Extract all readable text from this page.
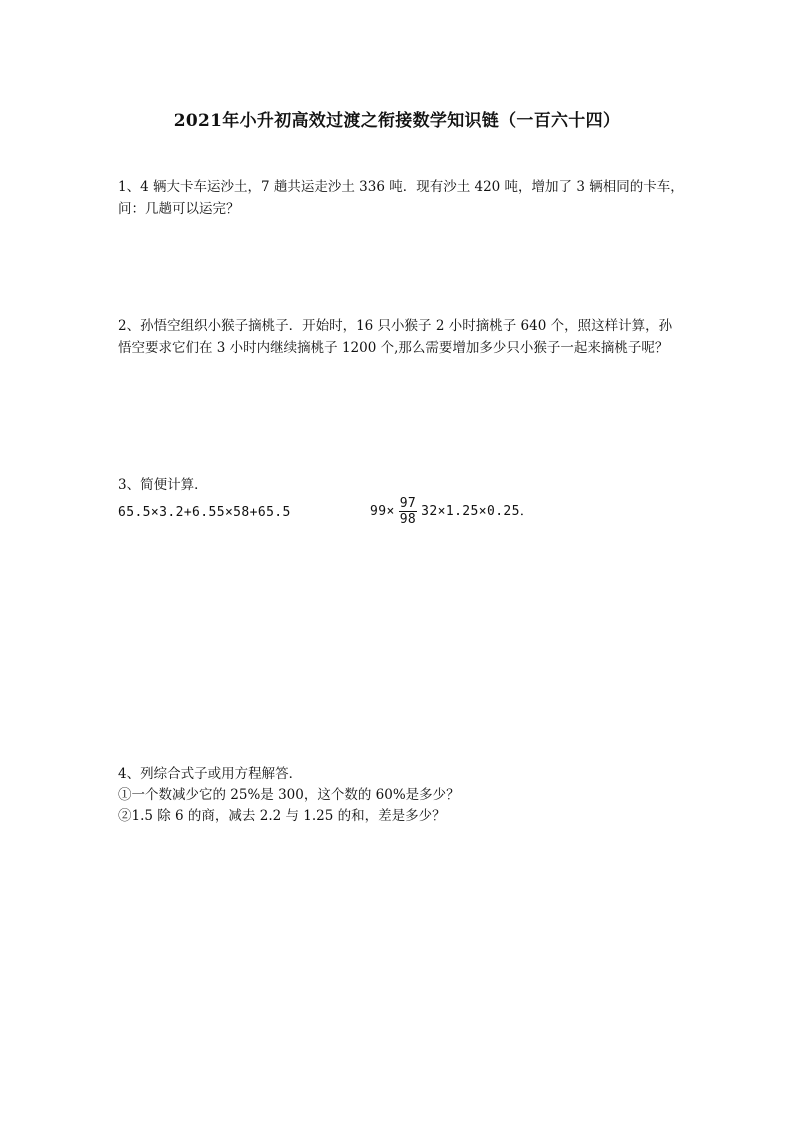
2021年小升初高效过渡之衔接数学知识链（一百六十四）
1、4 辆大卡车运沙土，7 趟共运走沙土 336 吨．现有沙土 420 吨，增加了 3 辆相同的卡车，
问：几趟可以运完？
2、孙悟空组织小猴子摘桃子．开始时，16 只小猴子 2 小时摘桃子 640 个，照这样计算，孙
悟空要求它们在 3 小时内继续摘桃子 1200 个,那么需要增加多少只小猴子一起来摘桃子呢？
3、简便计算．
65.5×3.2+6.55×58+65.5	$99\times \frac{97}{98} 32\times 1.25\times 0.25$．
4、列综合式子或用方程解答．
①一个数减少它的 25%是 300，这个数的 60%是多少？
②1.5 除 6 的商，减去 2.2 与 1.25 的和，差是多少？
